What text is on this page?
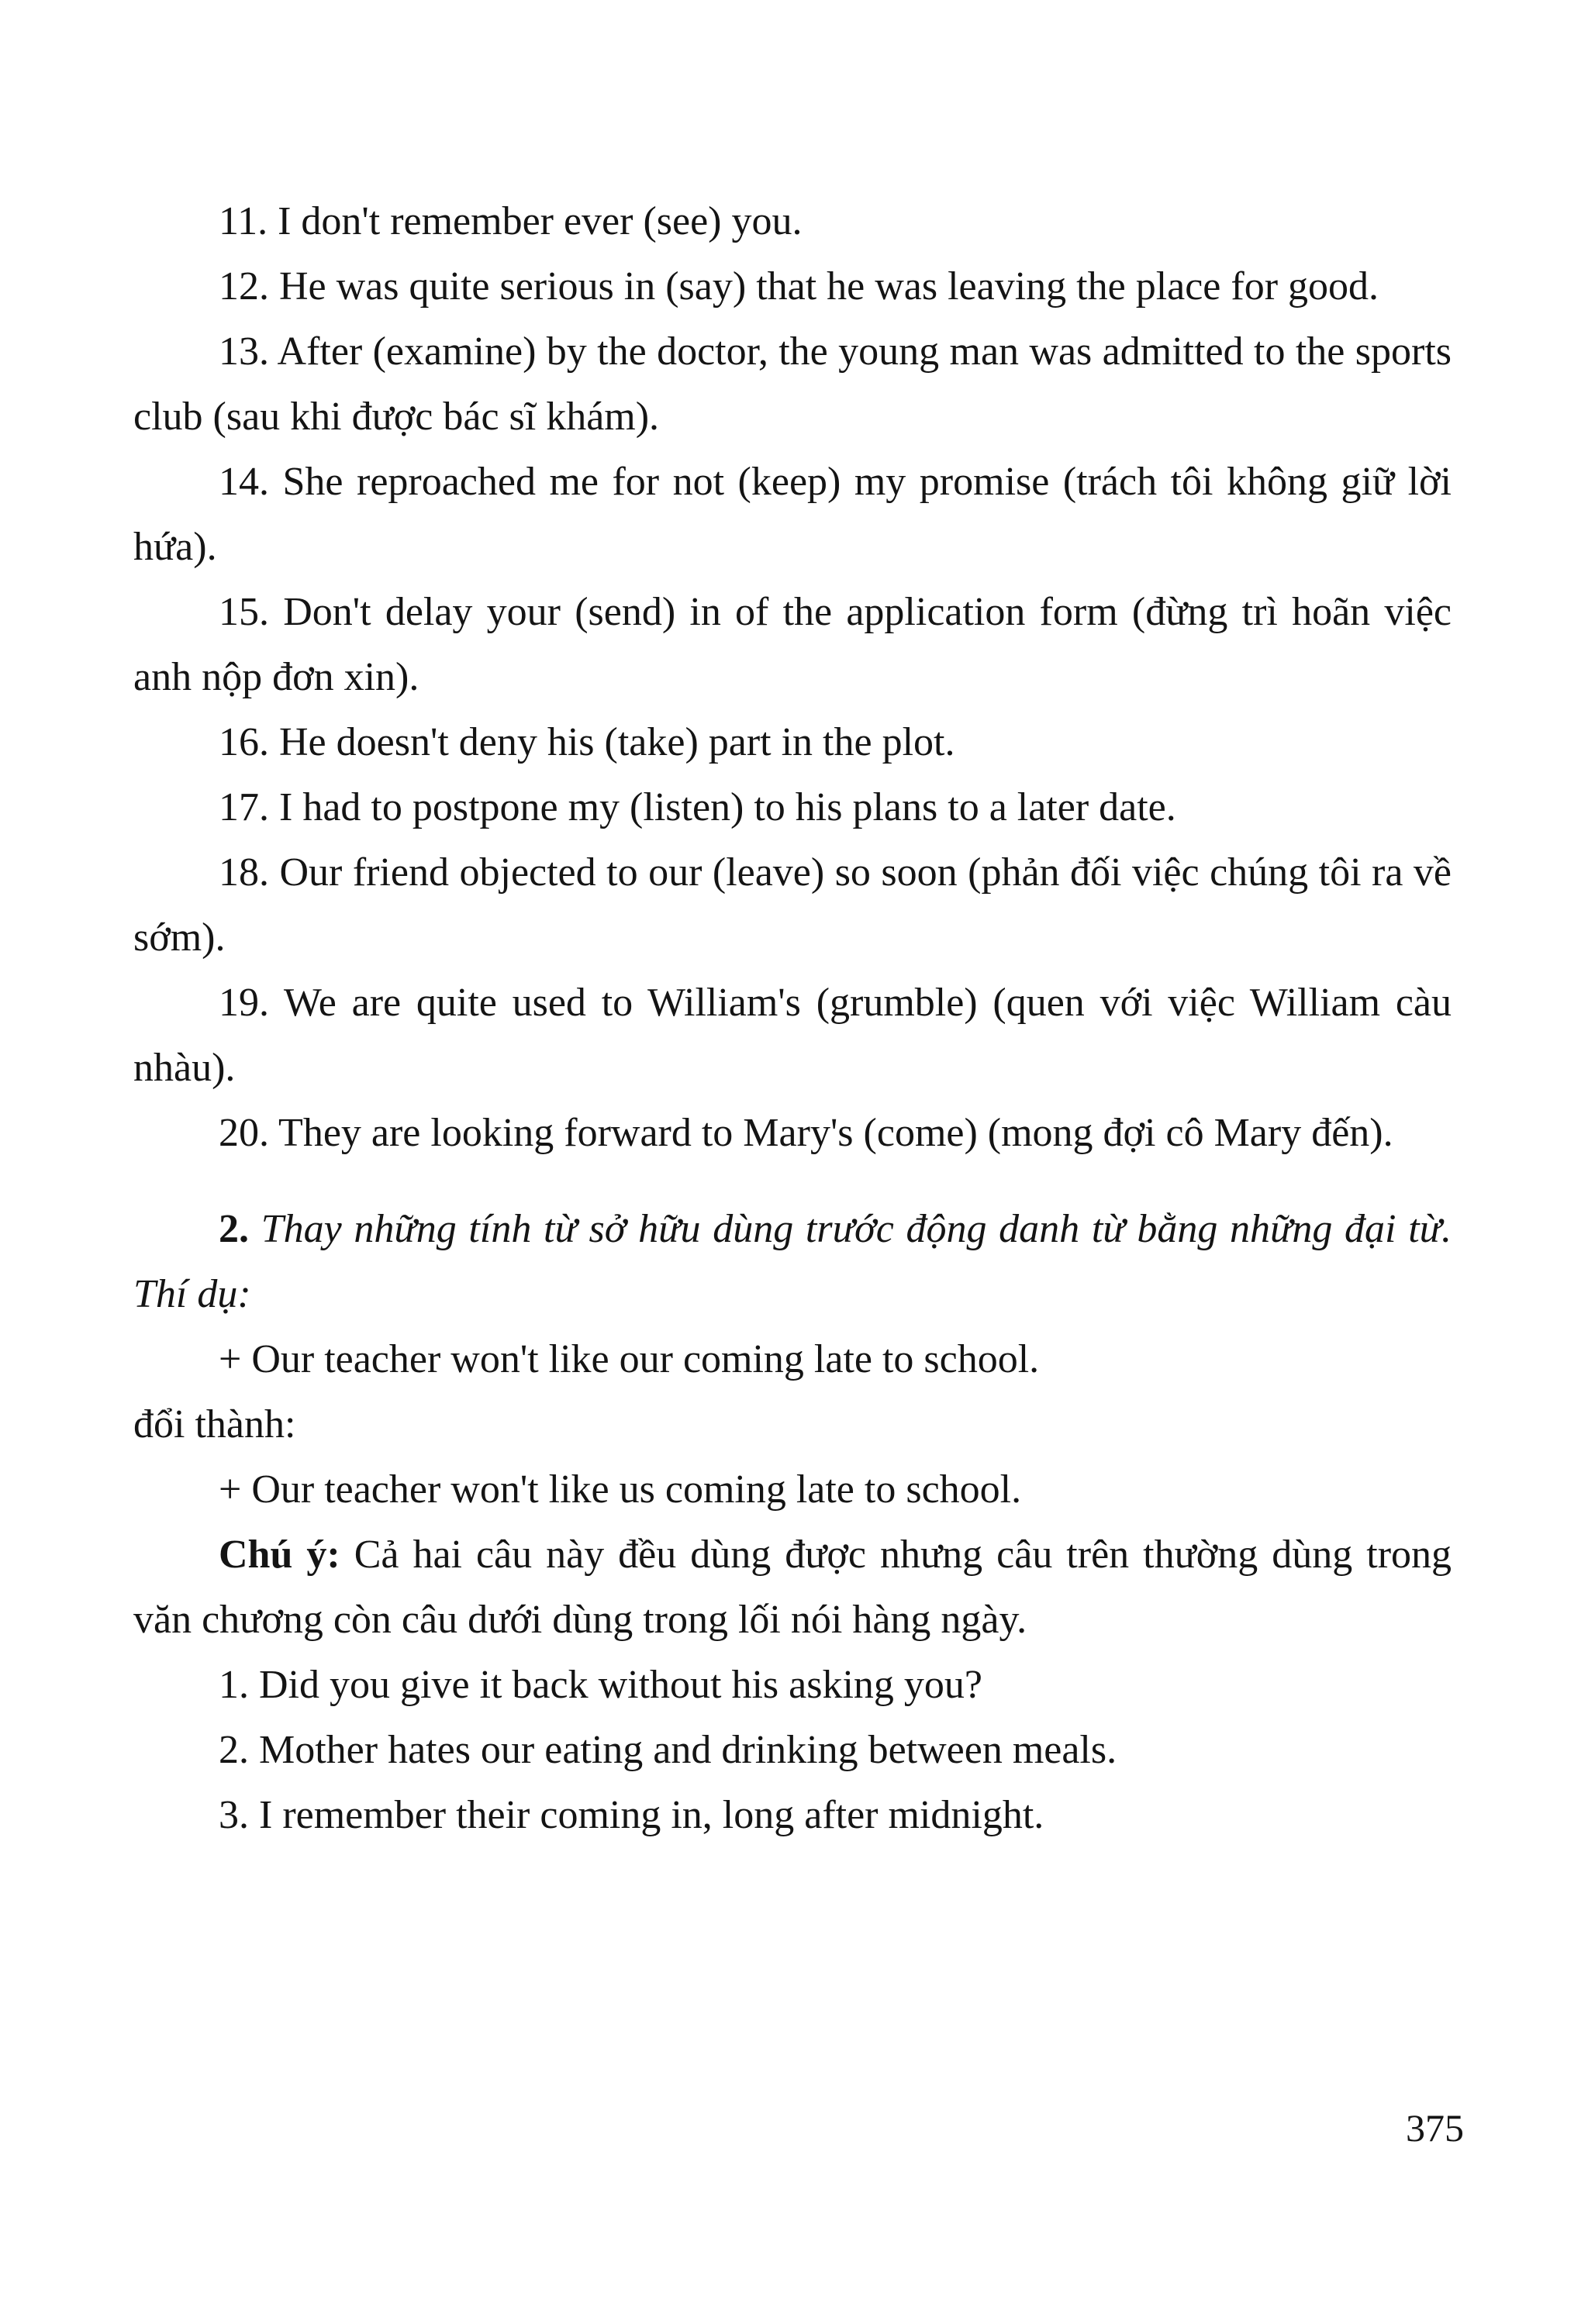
11. I don't remember ever (see) you.

12. He was quite serious in (say) that he was leaving the place for good.

13. After (examine) by the doctor, the young man was admitted to the sports club (sau khi được bác sĩ khám).

14. She reproached me for not (keep) my promise (trách tôi không giữ lời hứa).

15. Don't delay your (send) in of the application form (đừng trì hoãn việc anh nộp đơn xin).

16. He doesn't deny his (take) part in the plot.

17. I had to postpone my (listen) to his plans to a later date.

18. Our friend objected to our (leave) so soon (phản đối việc chúng tôi ra về sớm).

19. We are quite used to William's (grumble) (quen với việc William càu nhàu).

20. They are looking forward to Mary's (come) (mong đợi cô Mary đến).

2. Thay những tính từ sở hữu dùng trước động danh từ bằng những đại từ. Thí dụ:

+ Our teacher won't like our coming late to school.

đổi thành:

+ Our teacher won't like us coming late to school.

Chú ý: Cả hai câu này đều dùng được nhưng câu trên thường dùng trong văn chương còn câu dưới dùng trong lối nói hàng ngày.

1. Did you give it back without his asking you?

2. Mother hates our eating and drinking between meals.

3. I remember their coming in, long after midnight.

375
